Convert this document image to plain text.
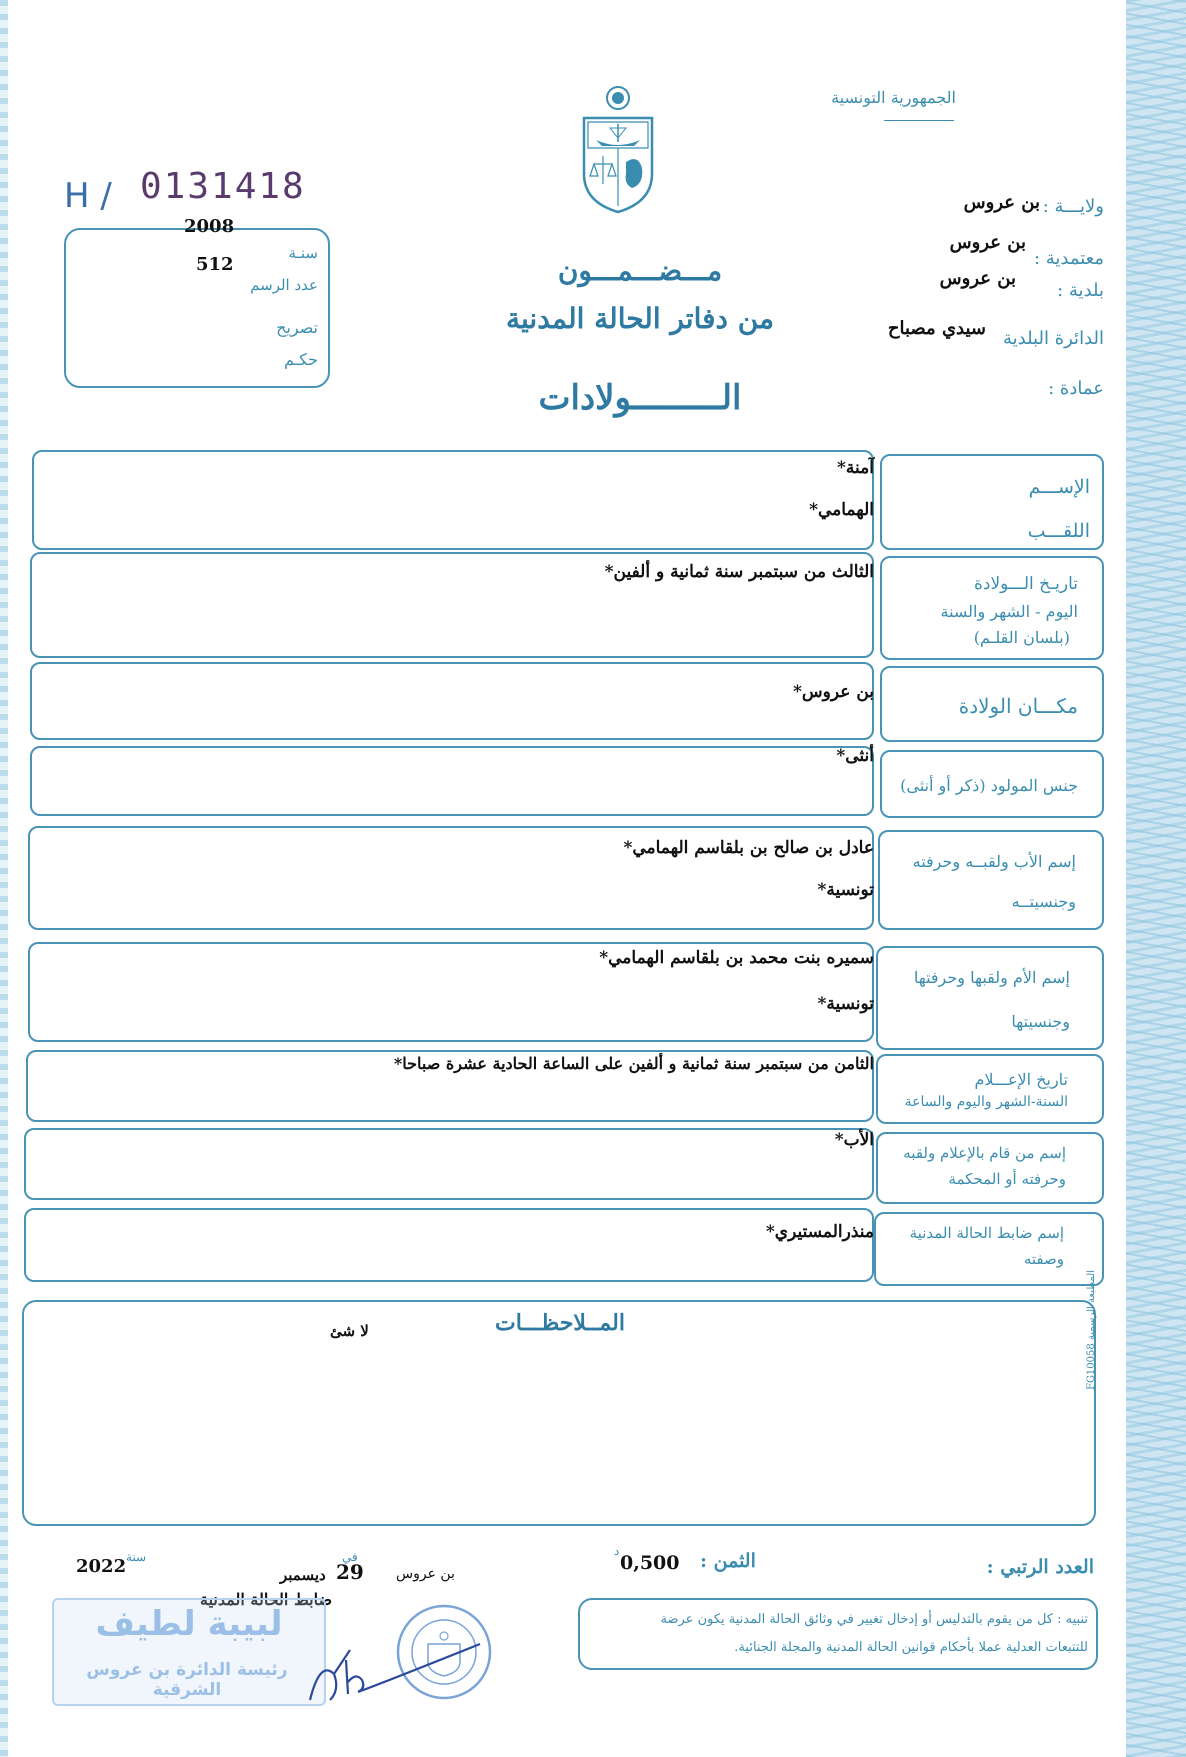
الجمهورية التونسية
ولايـــة :
بن عروس
معتمدية :
بن عروس
بلدية :
بن عروس
الدائرة البلدية
سيدي مصباح
عمادة :
H / 0131418
2008
سنـة
512
عدد الرسم
تصريح
حكـم
مـــضـــمـــون
من دفاتر الحالة المدنية
الـــــــــولادات
آمنة*
الهمامي*
الإســـم
اللقـــب
الثالث من سبتمبر سنة ثمانية و ألفين*
تاريـخ الـــولادة
اليوم - الشهر والسنة
(بلسان القلـم)
بن عروس*
مكـــان الولادة
أنثى*
جنس المولود (ذكر أو أنثى)
عادل بن صالح بن بلقاسم الهمامي*
تونسية*
إسم الأب ولقبــه وحرفته
وجنسيتــه
سميره بنت محمد بن بلقاسم الهمامي*
تونسية*
إسم الأم ولقبها وحرفتها
وجنسيتها
الثامن من سبتمبر سنة ثمانية و ألفين على الساعة الحادية عشرة صباحا*
تاريخ الإعـــلام
السنة-الشهر واليوم والساعة
الأب*
إسم من قام بالإعلام ولقبه
وحرفته أو المحكمة
منذرالمستيري* إسم ضابط الحالة المدنية
وصفته
المــلاحظـــات
لا شئ
المطبعة الرسمية FG10058
العدد الرتبي :
الثمن :
0,500
د
بن عروس
في
29
ديسمبر
سنة
2022
ضابط الحالة المدنية
تنبيه : كل من يقوم بالتدليس أو إدخال تغيير في وثائق الحالة المدنية يكون عرضة
للتتبعات العدلية عملا بأحكام قوانين الحالة المدنية والمجلة الجنائية.
لبيبة لطيف
رئيسة الدائرة بن عروس الشرقية
